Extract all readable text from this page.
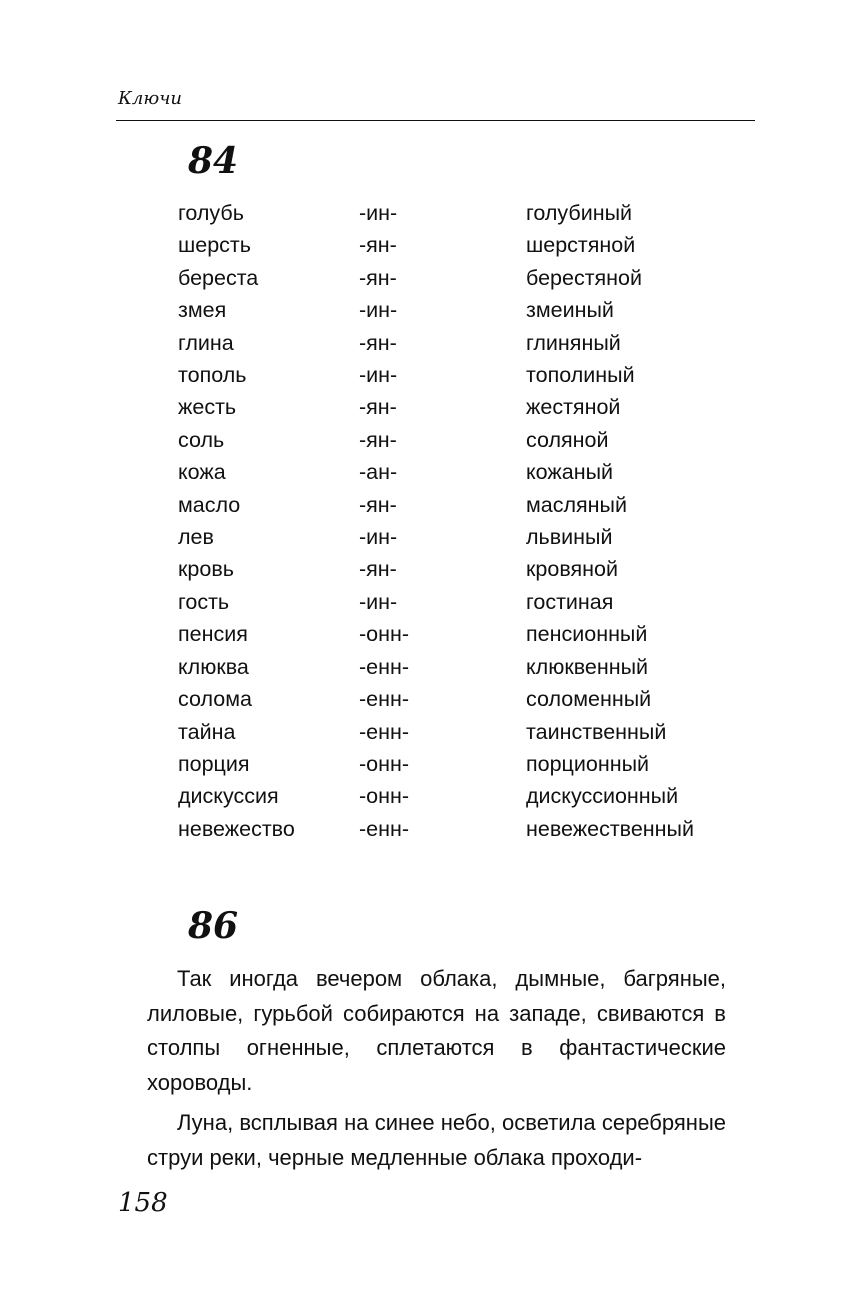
Ключи
84
голубь	-ин-	голубиный
шерсть	-ян-	шерстяной
береста	-ян-	берестяной
змея	-ин-	змеиный
глина	-ян-	глиняный
тополь	-ин-	тополиный
жесть	-ян-	жестяной
соль	-ян-	соляной
кожа	-ан-	кожаный
масло	-ян-	масляный
лев	-ин-	львиный
кровь	-ян-	кровяной
гость	-ин-	гостиная
пенсия	-онн-	пенсионный
клюква	-енн-	клюквенный
солома	-енн-	соломенный
тайна	-енн-	таинственный
порция	-онн-	порционный
дискуссия	-онн-	дискуссионный
невежество	-енн-	невежественный
86

Так иногда вечером облака, дымные, багряные, лиловые, гурьбой собираются на западе, свиваются в столпы огненные, сплетаются в фантастические хороводы.

Луна, всплывая на синее небо, осветила серебряные струи реки, черные медленные облака проходи-

158
